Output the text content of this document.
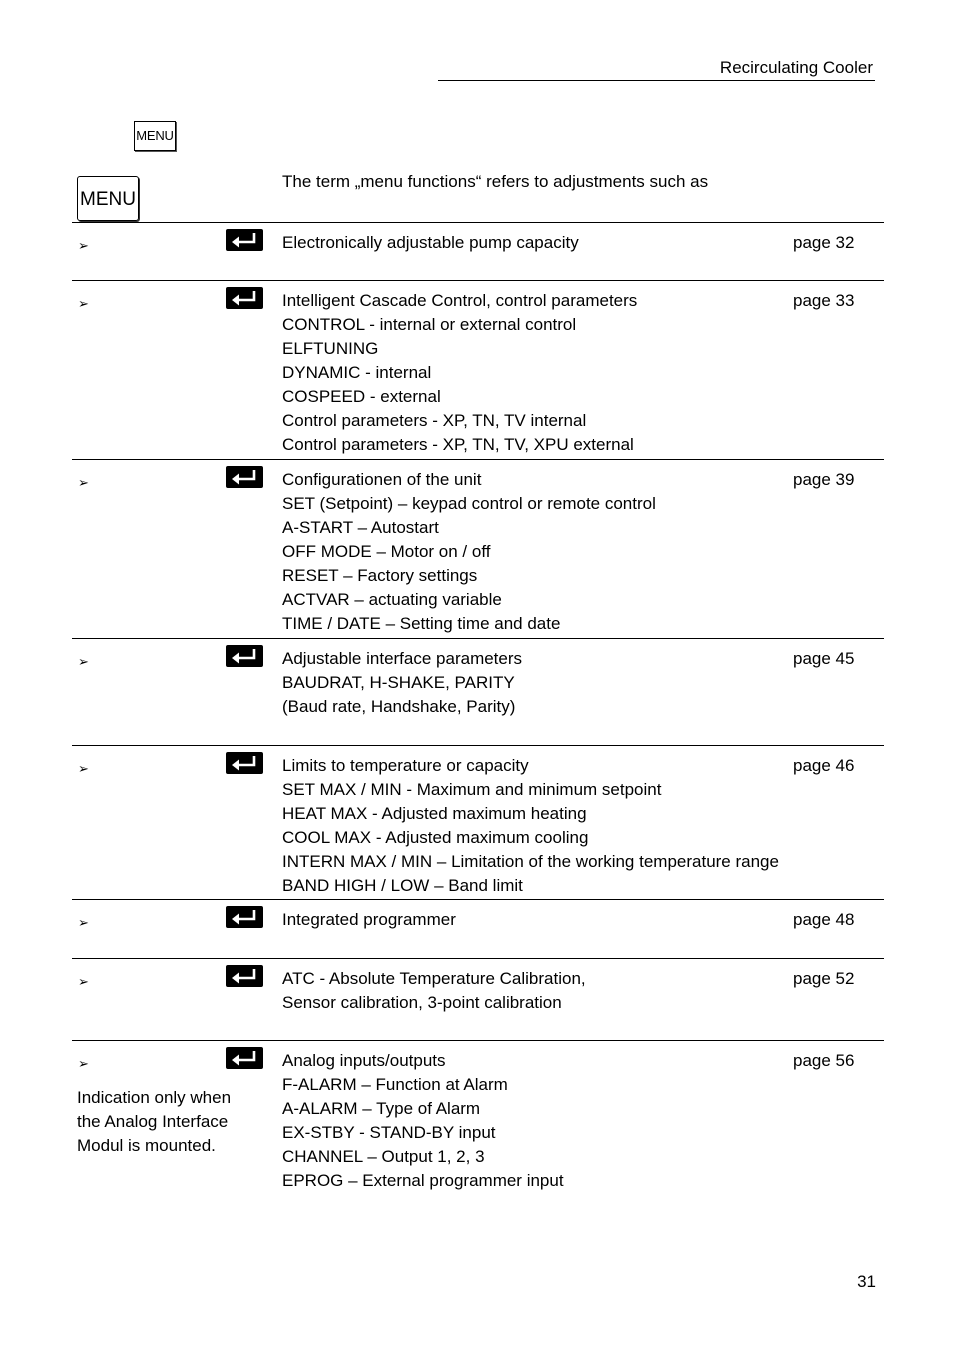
Recirculating Cooler
MENU
MENU
The term „menu functions“ refers to adjustments such as
➢	Electronically adjustable pump capacity	page 32
➢	Intelligent Cascade Control, control parameters
CONTROL - internal or external control
ELFTUNING
DYNAMIC - internal
COSPEED - external
Control parameters - XP, TN, TV internal
Control parameters - XP, TN, TV, XPU external
page 33
➢	Configurationen of the unit
SET (Setpoint) – keypad control or remote control
A-START – Autostart
OFF MODE – Motor on / off
RESET – Factory settings
ACTVAR – actuating variable
TIME / DATE – Setting time and date
page 39
➢	Adjustable interface parameters
BAUDRAT, H-SHAKE, PARITY
(Baud rate, Handshake, Parity)
page 45
➢	Limits to temperature or capacity
SET MAX / MIN - Maximum and minimum setpoint
HEAT MAX - Adjusted maximum heating
COOL MAX - Adjusted maximum cooling
INTERN MAX / MIN – Limitation of the working temperature range
BAND HIGH / LOW – Band limit
page 46
➢	Integrated programmer	page 48
➢	ATC - Absolute Temperature Calibration,
Sensor calibration, 3-point calibration
page 52
➢	Analog inputs/outputs
F-ALARM – Function at Alarm
A-ALARM – Type of Alarm
EX-STBY - STAND-BY input
CHANNEL – Output 1, 2, 3
EPROG – External programmer input
page 56
Indication only when
the Analog Interface
Modul is mounted.
31
